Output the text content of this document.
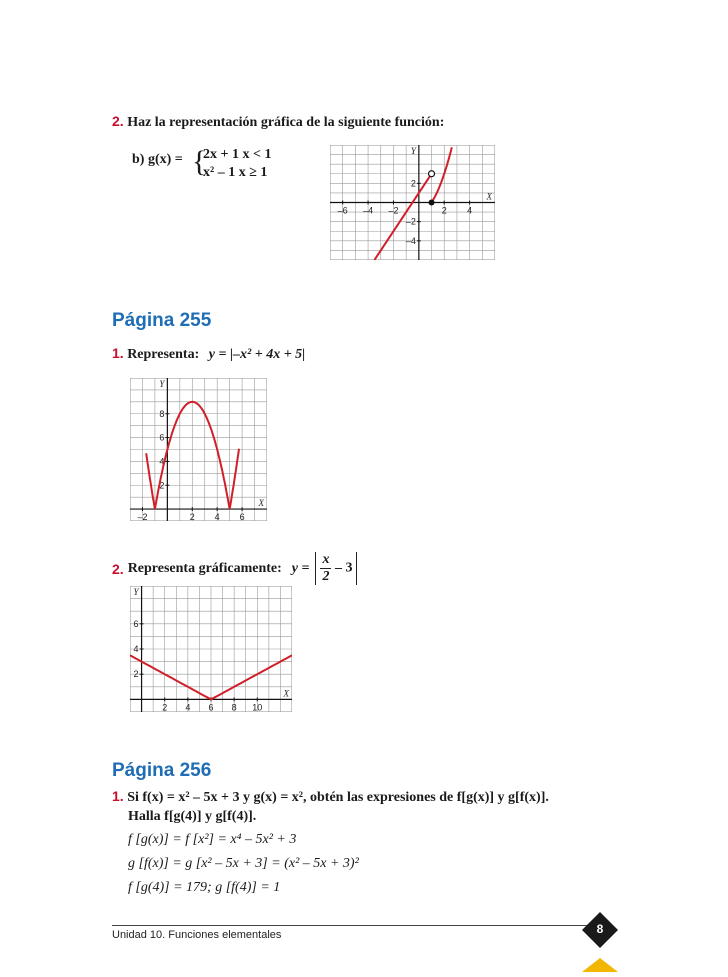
2. Haz la representación gráfica de la siguiente función:
b) g(x) = {
2x + 1 x < 1
x² – 1 x ≥ 1
–6 –4 –2	2 4
2
–2
–4
X
Y
Página 255
1. Representa: y = |–x² + 4x + 5|
–2	2 4 6
2
4
6
8
X
Y
2. Representa gráficamente: $y = \frac{x}{2} - 3$
2 4 6 8 10
2
4
6
X
Y
Página 256
1. Si f(x) = x² – 5x + 3 y g(x) = x², obtén las expresiones de f[g(x)] y g[f(x)].
Halla f[g(4)] y g[f(4)].
f [g(x)] = f [x²] = x⁴ – 5x² + 3
g [f(x)] = g [x² – 5x + 3] = (x² – 5x + 3)²
f [g(4)] = 179; g [f(4)] = 1
Unidad 10. Funciones elementales	8
